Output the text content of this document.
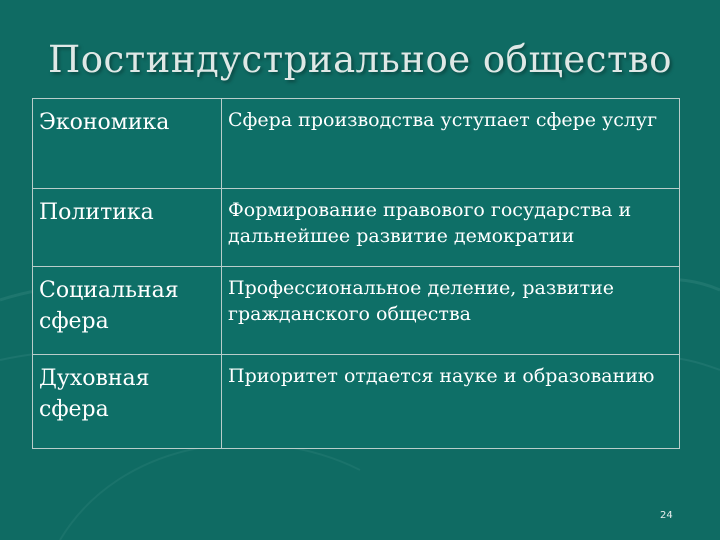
Постиндустриальное общество
Экономика	Сфера производства уступает сфере услуг
Политика	Формирование правового государства и дальнейшее развитие демократии
Социальная сфера	Профессиональное деление, развитие гражданского общества
Духовная сфера	Приоритет отдается науке и образованию
24
